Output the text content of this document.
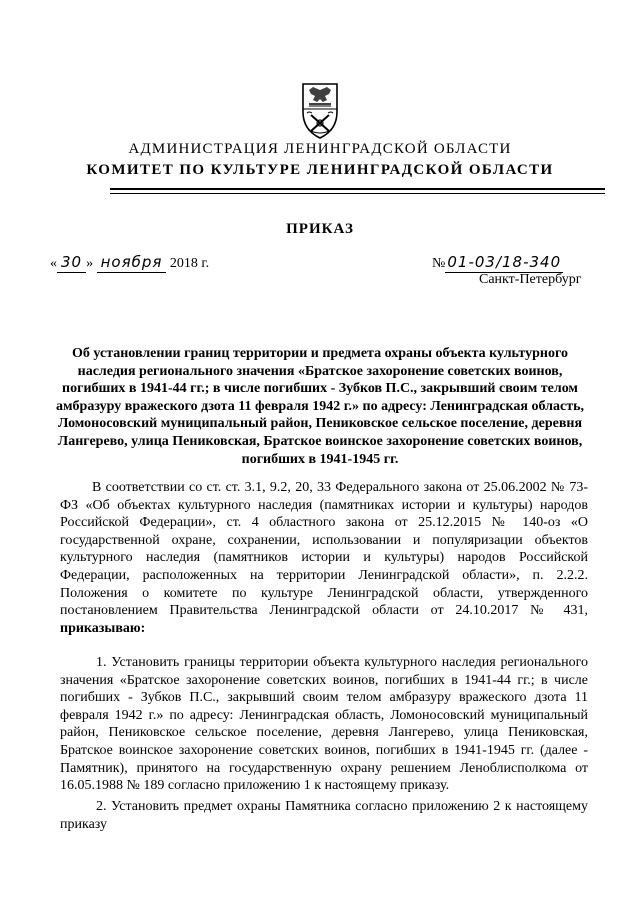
АДМИНИСТРАЦИЯ ЛЕНИНГРАДСКОЙ ОБЛАСТИ
КОМИТЕТ ПО КУЛЬТУРЕ ЛЕНИНГРАДСКОЙ ОБЛАСТИ
ПРИКАЗ
« 30 » ноября 2018 г.	№ 01-03/18-340
Санкт-Петербург
Об установлении границ территории и предмета охраны объекта культурного наследия регионального значения «Братское захоронение советских воинов, погибших в 1941-44 гг.; в числе погибших - Зубков П.С., закрывший своим телом амбразуру вражеского дзота 11 февраля 1942 г.» по адресу: Ленинградская область, Ломоносовский муниципальный район, Пениковское сельское поселение, деревня Лангерево, улица Пениковская, Братское воинское захоронение советских воинов, погибших в 1941-1945 гг.
В соответствии со ст. ст. 3.1, 9.2, 20, 33 Федерального закона от 25.06.2002 № 73-ФЗ «Об объектах культурного наследия (памятниках истории и культуры) народов Российской Федерации», ст. 4 областного закона от 25.12.2015 № 140-оз «О государственной охране, сохранении, использовании и популяризации объектов культурного наследия (памятников истории и культуры) народов Российской Федерации, расположенных на территории Ленинградской области», п. 2.2.2. Положения о комитете по культуре Ленинградской области, утвержденного постановлением Правительства Ленинградской области от 24.10.2017 № 431, приказываю:
1. Установить границы территории объекта культурного наследия регионального значения «Братское захоронение советских воинов, погибших в 1941-44 гг.; в числе погибших - Зубков П.С., закрывший своим телом амбразуру вражеского дзота 11 февраля 1942 г.» по адресу: Ленинградская область, Ломоносовский муниципальный район, Пениковское сельское поселение, деревня Лангерево, улица Пениковская, Братское воинское захоронение советских воинов, погибших в 1941-1945 гг. (далее - Памятник), принятого на государственную охрану решением Леноблисполкома от 16.05.1988 № 189 согласно приложению 1 к настоящему приказу.
2. Установить предмет охраны Памятника согласно приложению 2 к настоящему приказу
